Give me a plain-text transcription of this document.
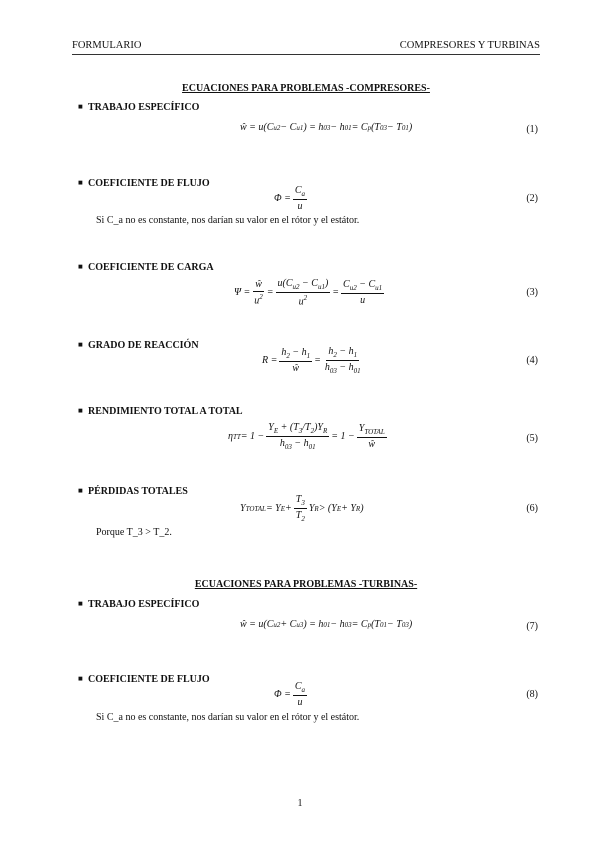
FORMULARIO	COMPRESORES Y TURBINAS
ECUACIONES PARA PROBLEMAS -COMPRESORES-
■ TRABAJO ESPECÍFICO
ŵ = u(C u2 − C u1 ) = h 03 − h 01 = C p (T 03 − T 01 )	(1)
■ COEFICIENTE DE FLUJO
$\Phi = \frac{C_a}{u}$	(2)
Si C_a no es constante, nos darían su valor en el rótor y el estátor.
■ COEFICIENTE DE CARGA
$\Psi = \frac{ŵ}{u^2} = \frac{u(C_{u2} - C_{u1})}{u^2} = \frac{C_{u2} - C_{u1}}{u}$	(3)
■ GRADO DE REACCIÓN
$R = \frac{h_2 - h_1}{ŵ} = \frac{h_2 - h_1}{h_{03} - h_{01}}$	(4)
■ RENDIMIENTO TOTAL A TOTAL
η TT = $1 - \frac{Y_E + (T_3/T_2)Y_R}{h_{03} - h_{01}} = 1 - \frac{Y_{TOTAL}}{ŵ}$	(5)
■ PÉRDIDAS TOTALES
Y TOTAL = Y $E + \frac{T_3}{T_2}$ Y R > (Y E + Y R )	(6)
Porque T_3 > T_2.
ECUACIONES PARA PROBLEMAS -TURBINAS-
■ TRABAJO ESPECÍFICO
ŵ = u(C u2 + C u3 ) = h 01 − h 03 = C p (T 01 − T 03 )	(7)
■ COEFICIENTE DE FLUJO
$\Phi = \frac{C_a}{u}$	(8)
Si C_a no es constante, nos darían su valor en el rótor y el estátor.
1
